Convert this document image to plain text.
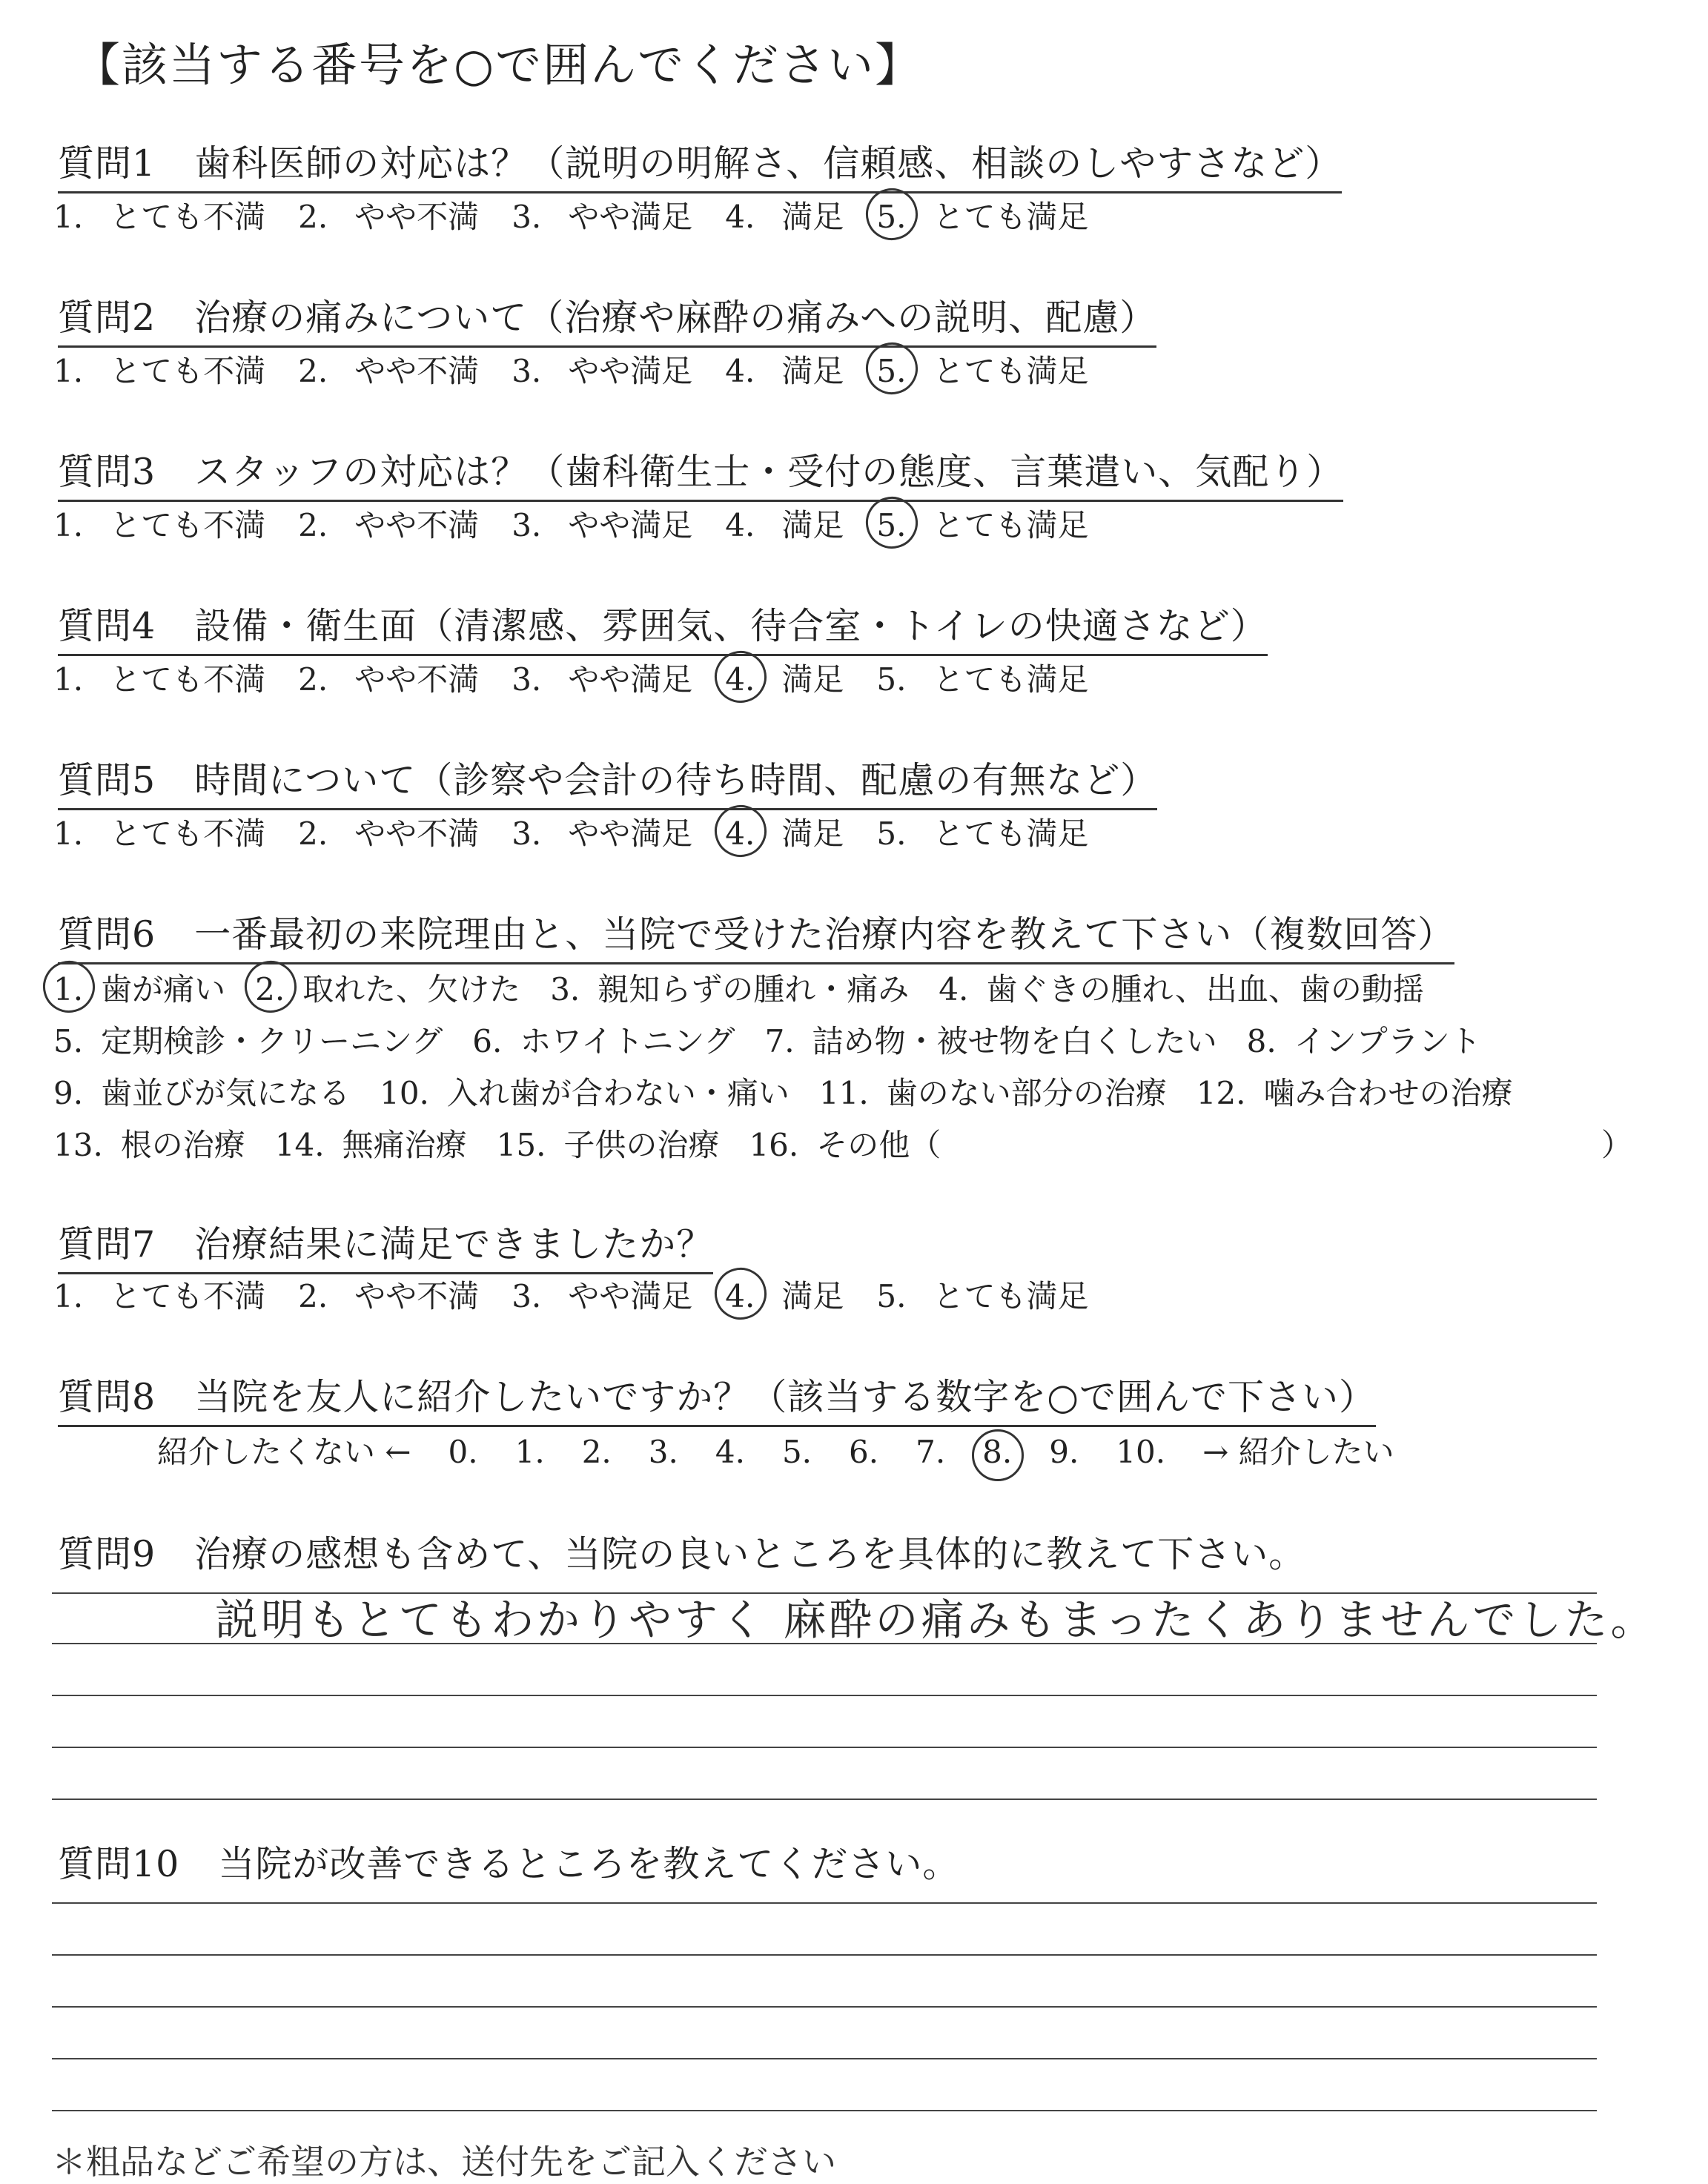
【該当する番号を○で囲んでください】
質問1 歯科医師の対応は？（説明の明解さ、信頼感、相談のしやすさなど）
1. とても不満 2. やや不満 3. やや満足 4. 満足 5. とても満足
質問2 治療の痛みについて（治療や麻酔の痛みへの説明、配慮）
1. とても不満 2. やや不満 3. やや満足 4. 満足 5. とても満足
質問3 スタッフの対応は？（歯科衛生士・受付の態度、言葉遣い、気配り）
1. とても不満 2. やや不満 3. やや満足 4. 満足 5. とても満足
質問4 設備・衛生面（清潔感、雰囲気、待合室・トイレの快適さなど）
1. とても不満 2. やや不満 3. やや満足 4. 満足 5. とても満足
質問5 時間について（診察や会計の待ち時間、配慮の有無など）
1. とても不満 2. やや不満 3. やや満足 4. 満足 5. とても満足
質問6 一番最初の来院理由と、当院で受けた治療内容を教えて下さい（複数回答）
1. 歯が痛い 2. 取れた、欠けた 3. 親知らずの腫れ・痛み 4. 歯ぐきの腫れ、出血、歯の動揺
5. 定期検診・クリーニング 6. ホワイトニング 7. 詰め物・被せ物を白くしたい 8. インプラント
9. 歯並びが気になる 10. 入れ歯が合わない・痛い 11. 歯のない部分の治療 12. 噛み合わせの治療
13. 根の治療 14. 無痛治療 15. 子供の治療 16. その他（	）
質問7 治療結果に満足できましたか？
1. とても不満 2. やや不満 3. やや満足 4. 満足 5. とても満足
質問8 当院を友人に紹介したいですか？（該当する数字を○で囲んで下さい）
紹介したくない ← 0. 1. 2. 3. 4. 5. 6. 7. 8. 9. 10. → 紹介したい
質問9 治療の感想も含めて、当院の良いところを具体的に教えて下さい。
説明もとてもわかりやすく 麻酔の痛みもまったくありませんでした。
質問10 当院が改善できるところを教えてください。
＊粗品などご希望の方は、送付先をご記入ください
